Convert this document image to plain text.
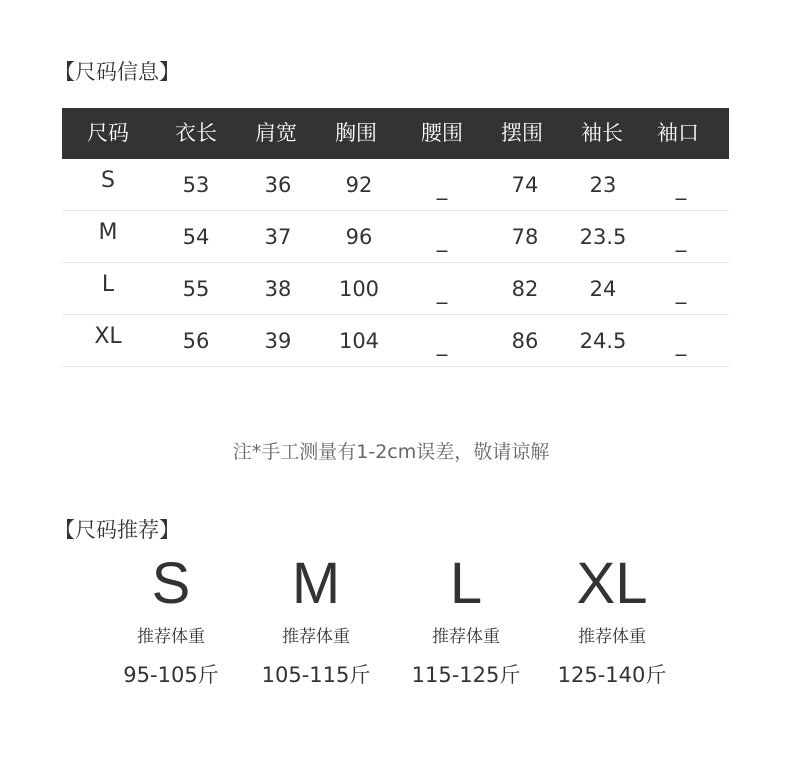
【尺码信息】
尺码 衣长 肩宽 胸围 腰围 摆围 袖长 袖口
S	53	36	92	_	74 23	_
M	54	37	96	_	78 23.5 _
L	55	38 100	_	82 24	_
XL	56	39 104	_	86 24.5 _
注*手工测量有1-2cm误差，敬请谅解
【尺码推荐】
S
推荐体重
95-105斤
M
推荐体重
105-115斤
L
推荐体重
115-125斤
XL
推荐体重
125-140斤
